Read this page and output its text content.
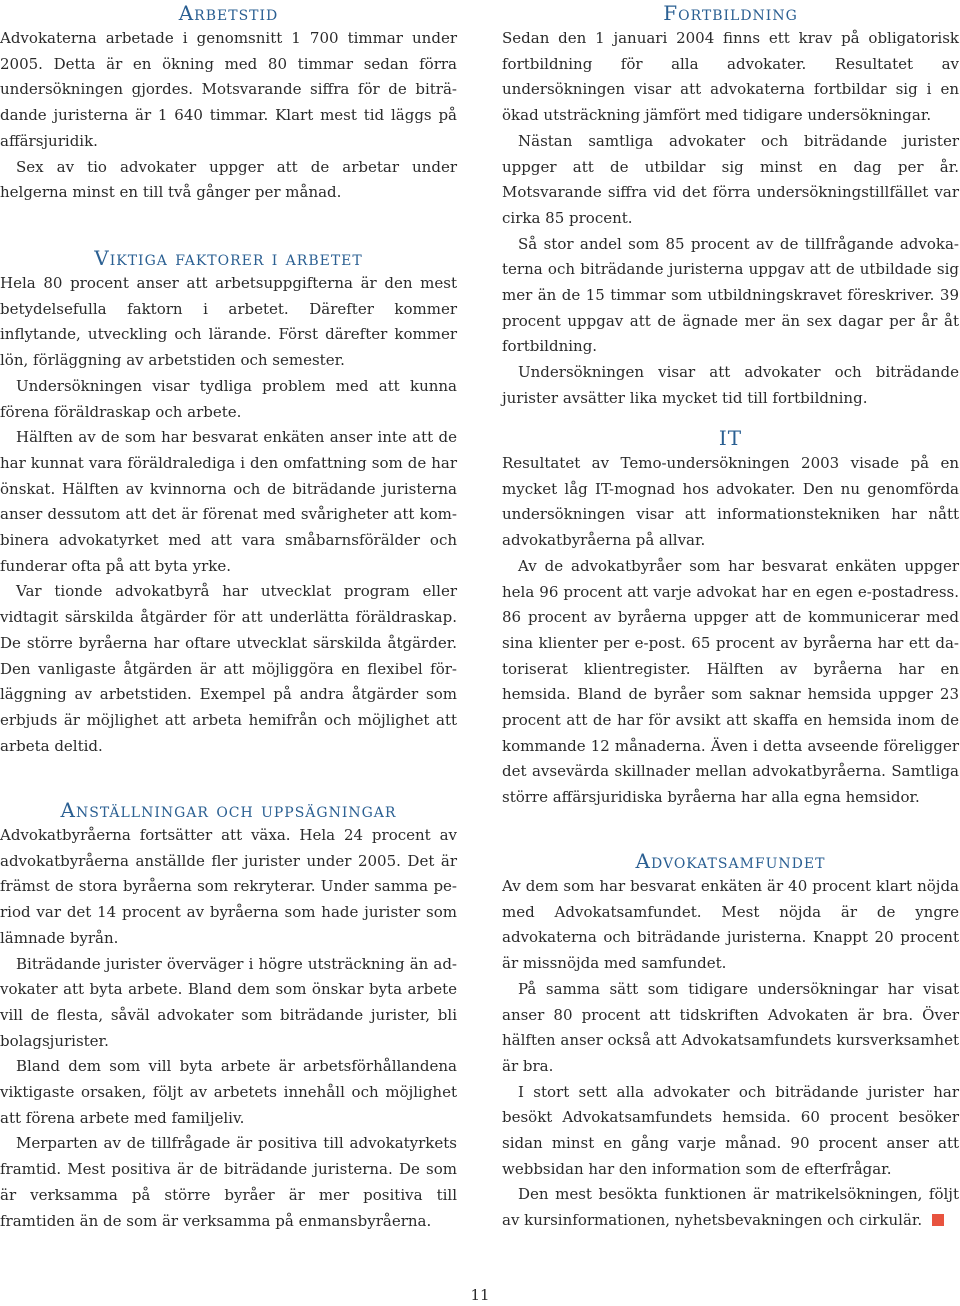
Arbetstid

Advokaterna arbetade i genomsnitt 1 700 timmar under 2005. Detta är en ökning med 80 timmar sedan förra undersökningen gjordes. Motsvarande siffra för de biträdande juristerna är 1 640 timmar. Klart mest tid läggs på affärsjuridik.

Sex av tio advokater uppger att de arbetar under helgerna minst en till två gånger per månad.

Viktiga faktorer i arbetet

Hela 80 procent anser att arbetsuppgifterna är den mest betydelsefulla faktorn i arbetet. Därefter kommer inflytande, utveckling och lärande. Först därefter kommer lön, förläggning av arbetstiden och semester.

Undersökningen visar tydliga problem med att kunna förena föräldraskap och arbete.

Hälften av de som har besvarat enkäten anser inte att de har kunnat vara föräldralediga i den omfattning som de har önskat. Hälften av kvinnorna och de biträdande juristerna anser dessutom att det är förenat med svårigheter att kombinera advokatyrket med att vara småbarnsförälder och funderar ofta på att byta yrke.

Var tionde advokatbyrå har utvecklat program eller vidtagit särskilda åtgärder för att underlätta föräldraskap. De större byråerna har oftare utvecklat särskilda åtgärder. Den vanligaste åtgärden är att möjliggöra en flexibel förläggning av arbetstiden. Exempel på andra åtgärder som erbjuds är möjlighet att arbeta hemifrån och möjlighet att arbeta deltid.

Anställningar och uppsägningar

Advokatbyråerna fortsätter att växa. Hela 24 procent av advokatbyråerna anställde fler jurister under 2005. Det är främst de stora byråerna som rekryterar. Under samma period var det 14 procent av byråerna som hade jurister som lämnade byrån.

Biträdande jurister överväger i högre utsträckning än advokater att byta arbete. Bland dem som önskar byta arbete vill de flesta, såväl advokater som biträdande jurister, bli bolagsjurister.

Bland dem som vill byta arbete är arbetsförhållandena viktigaste orsaken, följt av arbetets innehåll och möjlighet att förena arbete med familjeliv.

Merparten av de tillfrågade är positiva till advokatyrkets framtid. Mest positiva är de biträdande juristerna. De som är verksamma på större byråer är mer positiva till framtiden än de som är verksamma på enmansbyråerna.

Fortbildning

Sedan den 1 januari 2004 finns ett krav på obligatorisk fortbildning för alla advokater. Resultatet av undersökningen visar att advokaterna fortbildar sig i en ökad utsträckning jämfört med tidigare undersökningar.

Nästan samtliga advokater och biträdande jurister uppger att de utbildar sig minst en dag per år. Motsvarande siffra vid det förra undersökningstillfället var cirka 85 procent.

Så stor andel som 85 procent av de tillfrågande advokaterna och biträdande juristerna uppgav att de utbildade sig mer än de 15 timmar som utbildningskravet föreskriver. 39 procent uppgav att de ägnade mer än sex dagar per år åt fortbildning.

Undersökningen visar att advokater och biträdande jurister avsätter lika mycket tid till fortbildning.

IT

Resultatet av Temo-undersökningen 2003 visade på en mycket låg IT-mognad hos advokater. Den nu genomförda undersökningen visar att informationstekniken har nått advokatbyråerna på allvar.

Av de advokatbyråer som har besvarat enkäten uppger hela 96 procent att varje advokat har en egen e-postadress. 86 procent av byråerna uppger att de kommunicerar med sina klienter per e-post. 65 procent av byråerna har ett datoriserat klientregister. Hälften av byråerna har en hemsida. Bland de byråer som saknar hemsida uppger 23 procent att de har för avsikt att skaffa en hemsida inom de kommande 12 månaderna. Även i detta avseende föreligger det avsevärda skillnader mellan advokatbyråerna. Samtliga större affärsjuridiska byråerna har alla egna hemsidor.

Advokatsamfundet

Av dem som har besvarat enkäten är 40 procent klart nöjda med Advokatsamfundet. Mest nöjda är de yngre advokaterna och biträdande juristerna. Knappt 20 procent är missnöjda med samfundet.

På samma sätt som tidigare undersökningar har visat anser 80 procent att tidskriften Advokaten är bra. Över hälften anser också att Advokatsamfundets kursverksamhet är bra.

I stort sett alla advokater och biträdande jurister har besökt Advokatsamfundets hemsida. 60 procent besöker sidan minst en gång varje månad. 90 procent anser att webbsidan har den information som de efterfrågar.

Den mest besökta funktionen är matrikelsökningen, följt av kursinformationen, nyhetsbevakningen och cirkulär.

11
